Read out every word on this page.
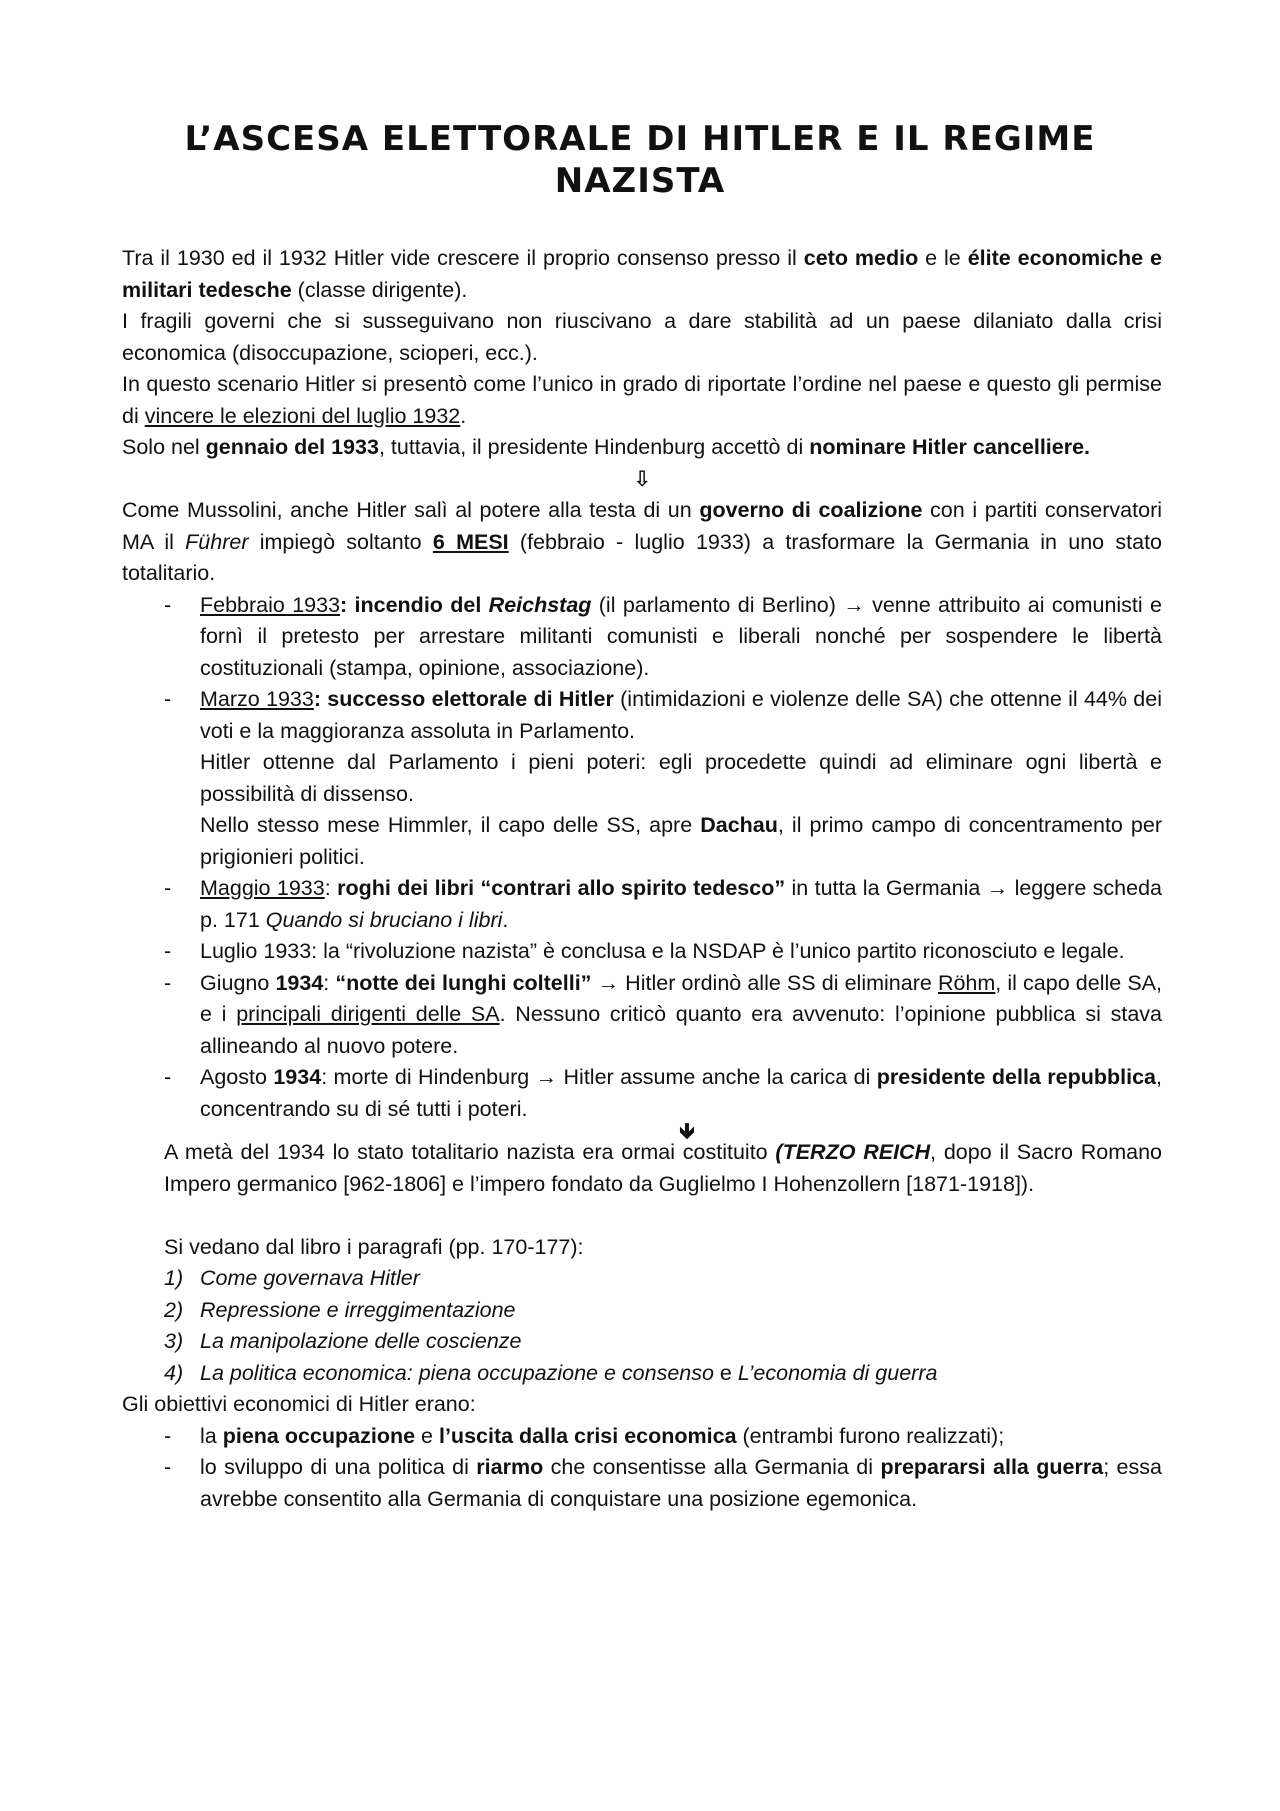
L’ASCESA ELETTORALE DI HITLER E IL REGIME NAZISTA

Tra il 1930 ed il 1932 Hitler vide crescere il proprio consenso presso il ceto medio e le élite economiche e militari tedesche (classe dirigente).

I fragili governi che si susseguivano non riuscivano a dare stabilità ad un paese dilaniato dalla crisi economica (disoccupazione, scioperi, ecc.).

In questo scenario Hitler si presentò come l’unico in grado di riportate l’ordine nel paese e questo gli permise di vincere le elezioni del luglio 1932.

Solo nel gennaio del 1933, tuttavia, il presidente Hindenburg accettò di nominare Hitler cancelliere.

⇩

Come Mussolini, anche Hitler salì al potere alla testa di un governo di coalizione con i partiti conservatori MA il Führer impiegò soltanto 6 MESI (febbraio - luglio 1933) a trasformare la Germania in uno stato totalitario.

- Febbraio 1933: incendio del Reichstag (il parlamento di Berlino) → venne attribuito ai comunisti e fornì il pretesto per arrestare militanti comunisti e liberali nonché per sospendere le libertà costituzionali (stampa, opinione, associazione).
- Marzo 1933: successo elettorale di Hitler (intimidazioni e violenze delle SA) che ottenne il 44% dei voti e la maggioranza assoluta in Parlamento.
Hitler ottenne dal Parlamento i pieni poteri: egli procedette quindi ad eliminare ogni libertà e possibilità di dissenso.
Nello stesso mese Himmler, il capo delle SS, apre Dachau, il primo campo di concentramento per prigionieri politici.
- Maggio 1933: roghi dei libri “contrari allo spirito tedesco” in tutta la Germania → leggere scheda p. 171 Quando si bruciano i libri.
- Luglio 1933: la “rivoluzione nazista” è conclusa e la NSDAP è l’unico partito riconosciuto e legale.
- Giugno 1934: “notte dei lunghi coltelli” → Hitler ordinò alle SS di eliminare Röhm, il capo delle SA, e i principali dirigenti delle SA. Nessuno criticò quanto era avvenuto: l’opinione pubblica si stava allineando al nuovo potere.
- Agosto 1934: morte di Hindenburg → Hitler assume anche la carica di presidente della repubblica, concentrando su di sé tutti i poteri.
🡻

A metà del 1934 lo stato totalitario nazista era ormai costituito (TERZO REICH, dopo il Sacro Romano Impero germanico [962-1806] e l’impero fondato da Guglielmo I Hohenzollern [1871-1918]).

Si vedano dal libro i paragrafi (pp. 170-177):

1) Come governava Hitler
2) Repressione e irreggimentazione
3) La manipolazione delle coscienze
4) La politica economica: piena occupazione e consenso e L’economia di guerra

Gli obiettivi economici di Hitler erano:

- la piena occupazione e l’uscita dalla crisi economica (entrambi furono realizzati);
- lo sviluppo di una politica di riarmo che consentisse alla Germania di prepararsi alla guerra; essa avrebbe consentito alla Germania di conquistare una posizione egemonica.
